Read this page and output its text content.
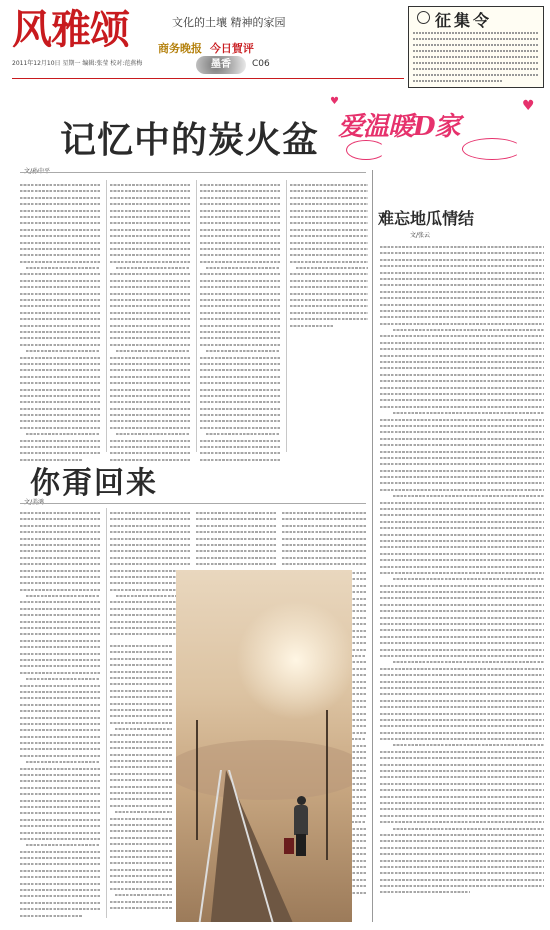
风雅颂	文化的土壤 精神的家园
商务晚报 今日賀评
2011年12月10日 星期一 编辑:张莹 校对:范燕梅	墨香	C06
征集令
爱温暖D家
♥
♥
记忆中的炭火盆
你甭回来
难忘地瓜情结
文/张云
